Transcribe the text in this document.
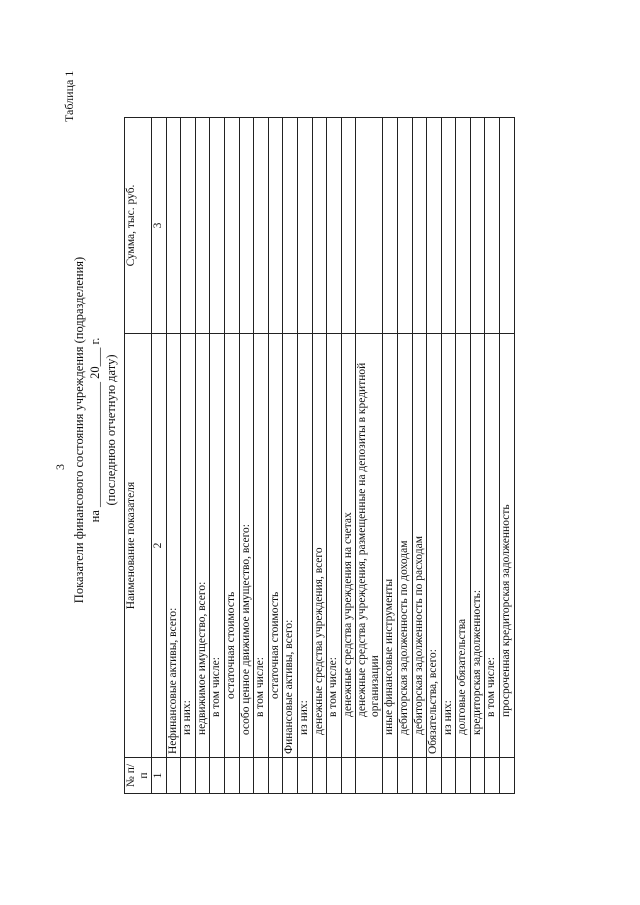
3
Таблица 1
Показатели финансового состояния учреждения (подразделения) на ____________________ 20___ г. (последнюю отчетную дату)
№ п/п	Наименование показателя	Сумма, тыс. руб.
1	2	3
	Нефинансовые активы, всего:	
	из них:	
	недвижимое имущество, всего:	
	в том числе:	
	остаточная стоимость	
	особо ценное движимое имущество, всего:	
	в том числе:	
	остаточная стоимость	
	Финансовые активы, всего:	
	из них:	
	денежные средства учреждения, всего	
	в том числе:	
	денежные средства учреждения на счетах	
	денежные средства учреждения, размещенные на депозиты в кредитной организации	
	иные финансовые инструменты	
	дебиторская задолженность по доходам	
	дебиторская задолженность по расходам	
	Обязательства, всего:	
	из них:	
	долговые обязательства	
	кредиторская задолженность:	
	в том числе:	
	просроченная кредиторская задолженность	
